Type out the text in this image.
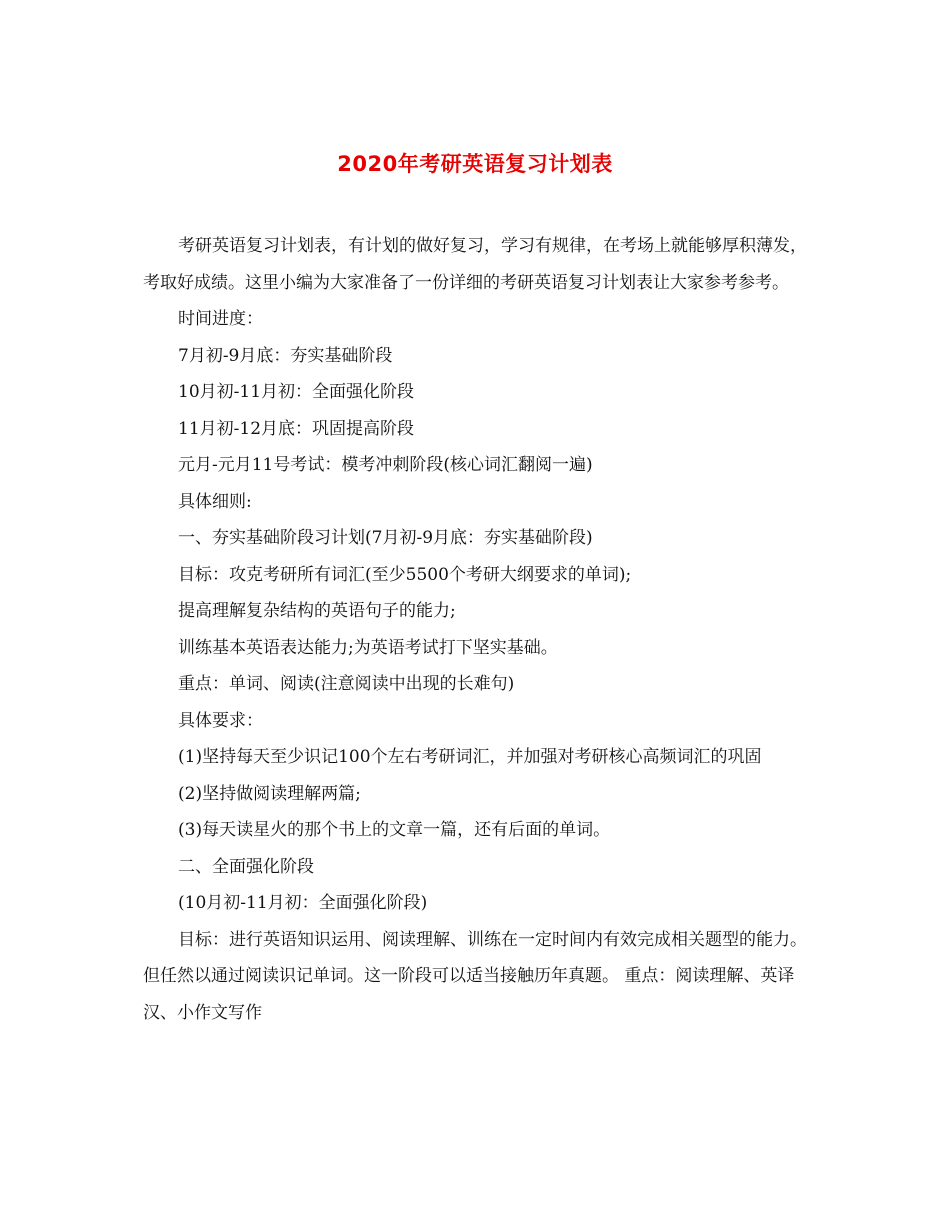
2020年考研英语复习计划表

考研英语复习计划表，有计划的做好复习，学习有规律，在考场上就能够厚积薄发，考取好成绩。这里小编为大家准备了一份详细的考研英语复习计划表让大家参考参考。

时间进度：

7月初-9月底：夯实基础阶段

10月初-11月初：全面强化阶段

11月初-12月底：巩固提高阶段

元月-元月11号考试：模考冲刺阶段(核心词汇翻阅一遍)

具体细则:

一、夯实基础阶段习计划(7月初-9月底：夯实基础阶段)

目标：攻克考研所有词汇(至少5500个考研大纲要求的单词);

提高理解复杂结构的英语句子的能力;

训练基本英语表达能力;为英语考试打下坚实基础。

重点：单词、阅读(注意阅读中出现的长难句)

具体要求：

(1)坚持每天至少识记100个左右考研词汇，并加强对考研核心高频词汇的巩固

(2)坚持做阅读理解两篇;

(3)每天读星火的那个书上的文章一篇，还有后面的单词。

二、全面强化阶段

(10月初-11月初：全面强化阶段)

目标：进行英语知识运用、阅读理解、训练在一定时间内有效完成相关题型的能力。但任然以通过阅读识记单词。这一阶段可以适当接触历年真题。 重点：阅读理解、英译汉、小作文写作
